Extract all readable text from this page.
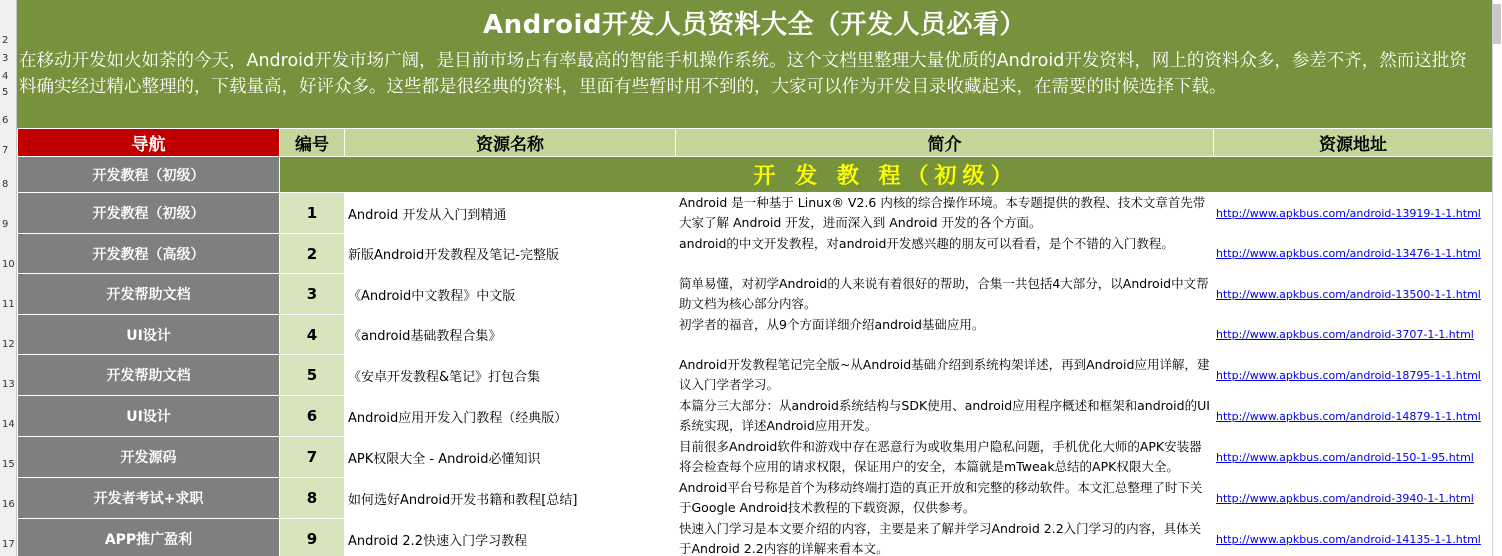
2
3
4
5
6
7
8
9
10
11
12
13
14
15
16
17
Android开发人员资料大全（开发人员必看）
在移动开发如火如荼的今天，Android开发市场广阔，是目前市场占有率最高的智能手机操作系统。这个文档里整理大量优质的Android开发资料，网上的资料众多，参差不齐，然而这批资料确实经过精心整理的，下载量高，好评众多。这些都是很经典的资料，里面有些暂时用不到的，大家可以作为开发目录收藏起来，在需要的时候选择下载。
导航	编号	资源名称	简介	资源地址
开发教程（初级）	开 发 教 程（初级）			
开发教程（初级）	1	Android 开发从入门到精通	Android 是一种基于 Linux® V2.6 内核的综合操作环境。本专题提供的教程、技术文章首先带大家了解 Android 开发，进而深入到 Android 开发的各个方面。	http://www.apkbus.com/android-13919-1-1.html
开发教程（高级）	2	新版Android开发教程及笔记-完整版	android的中文开发教程，对android开发感兴趣的朋友可以看看，是个不错的入门教程。	http://www.apkbus.com/android-13476-1-1.html
开发帮助文档	3	《Android中文教程》中文版	简单易懂，对初学Android的人来说有着很好的帮助，合集一共包括4大部分，以Android中文帮助文档为核心部分内容。	http://www.apkbus.com/android-13500-1-1.html
UI设计	4	《android基础教程合集》	初学者的福音，从9个方面详细介绍android基础应用。	http://www.apkbus.com/android-3707-1-1.html
开发帮助文档	5	《安卓开发教程&笔记》打包合集	Android开发教程笔记完全版~从Android基础介绍到系统构架详述，再到Android应用详解，建议入门学者学习。	http://www.apkbus.com/android-18795-1-1.html
UI设计	6	Android应用开发入门教程（经典版）	本篇分三大部分：从android系统结构与SDK使用、android应用程序概述和框架和android的UI系统实现，详述Android应用开发。	http://www.apkbus.com/android-14879-1-1.html
开发源码	7	APK权限大全 - Android必懂知识	目前很多Android软件和游戏中存在恶意行为或收集用户隐私问题，手机优化大师的APK安装器将会检查每个应用的请求权限，保证用户的安全，本篇就是mTweak总结的APK权限大全。	http://www.apkbus.com/android-150-1-95.html
开发者考试+求职	8	如何选好Android开发书籍和教程[总结]	Android平台号称是首个为移动终端打造的真正开放和完整的移动软件。本文汇总整理了时下关于Google Android技术教程的下载资源，仅供参考。	http://www.apkbus.com/android-3940-1-1.html
APP推广盈利	9	Android 2.2快速入门学习教程	快速入门学习是本文要介绍的内容，主要是来了解并学习Android 2.2入门学习的内容，具体关于Android 2.2内容的详解来看本文。	http://www.apkbus.com/android-14135-1-1.html
